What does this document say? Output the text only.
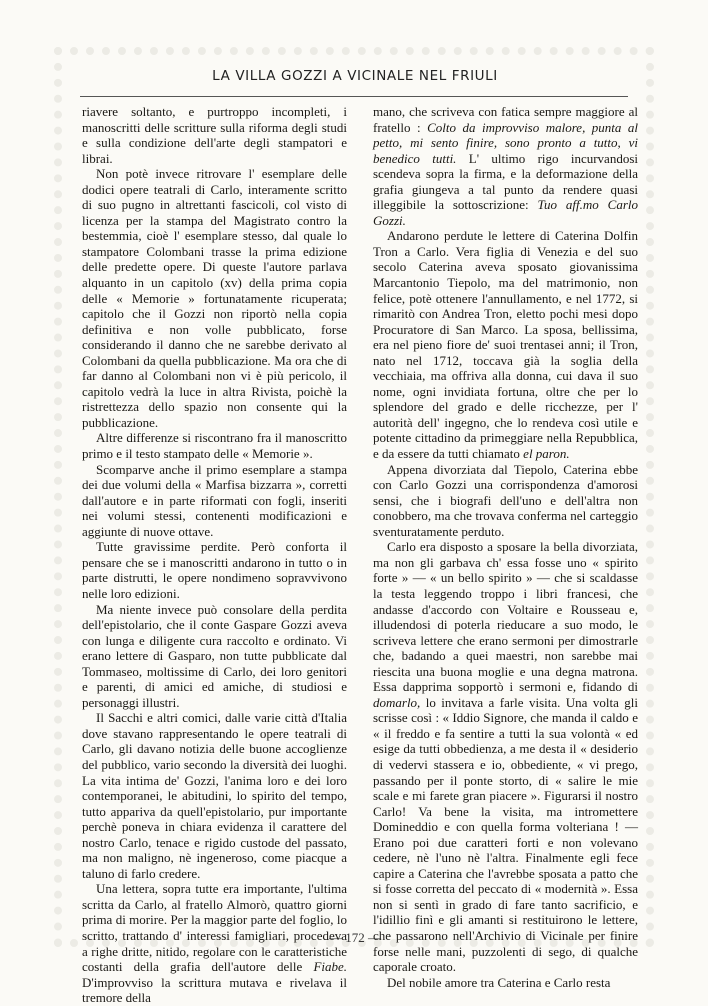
LA VILLA GOZZI A VICINALE NEL FRIULI

riavere soltanto, e purtroppo incompleti, i manoscritti delle scritture sulla riforma degli studi e sulla condizione dell'arte degli stampatori e librai.

Non potè invece ritrovare l' esemplare delle dodici opere teatrali di Carlo, interamente scritto di suo pugno in altrettanti fascicoli, col visto di licenza per la stampa del Magistrato contro la bestemmia, cioè l' esemplare stesso, dal quale lo stampatore Colombani trasse la prima edizione delle predette opere. Di queste l'autore parlava alquanto in un capitolo (xv) della prima copia delle « Memorie » fortunatamente ricuperata; capitolo che il Gozzi non riportò nella copia definitiva e non volle pubblicato, forse considerando il danno che ne sarebbe derivato al Colombani da quella pubblicazione. Ma ora che di far danno al Colombani non vi è più pericolo, il capitolo vedrà la luce in altra Rivista, poichè la ristrettezza dello spazio non consente qui la pubblicazione.

Altre differenze si riscontrano fra il manoscritto primo e il testo stampato delle « Memorie ».

Scomparve anche il primo esemplare a stampa dei due volumi della « Marfisa bizzarra », corretti dall'autore e in parte riformati con fogli, inseriti nei volumi stessi, contenenti modificazioni e aggiunte di nuove ottave.

Tutte gravissime perdite. Però conforta il pensare che se i manoscritti andarono in tutto o in parte distrutti, le opere nondimeno sopravvivono nelle loro edizioni.

Ma niente invece può consolare della perdita dell'epistolario, che il conte Gaspare Gozzi aveva con lunga e diligente cura raccolto e ordinato. Vi erano lettere di Gasparo, non tutte pubblicate dal Tommaseo, moltissime di Carlo, dei loro genitori e parenti, di amici ed amiche, di studiosi e personaggi illustri.

Il Sacchi e altri comici, dalle varie città d'Italia dove stavano rappresentando le opere teatrali di Carlo, gli davano notizia delle buone accoglienze del pubblico, vario secondo la diversità dei luoghi. La vita intima de' Gozzi, l'anima loro e dei loro contemporanei, le abitudini, lo spirito del tempo, tutto appariva da quell'epistolario, pur importante perchè poneva in chiara evidenza il carattere del nostro Carlo, tenace e rigido custode del passato, ma non maligno, nè ingeneroso, come piacque a taluno di farlo credere.

Una lettera, sopra tutte era importante, l'ultima scritta da Carlo, al fratello Almorò, quattro giorni prima di morire. Per la maggior parte del foglio, lo scritto, trattando d' interessi famigliari, procedeva a righe dritte, nitido, regolare con le caratteristiche costanti della grafia dell'autore delle Fiabe. D'improvviso la scrittura mutava e rivelava il tremore della

mano, che scriveva con fatica sempre maggiore al fratello : Colto da improvviso malore, punta al petto, mi sento finire, sono pronto a tutto, vi benedico tutti. L' ultimo rigo incurvandosi scendeva sopra la firma, e la deformazione della grafia giungeva a tal punto da rendere quasi illeggibile la sottoscrizione: Tuo aff.mo Carlo Gozzi.

Andarono perdute le lettere di Caterina Dolfin Tron a Carlo. Vera figlia di Venezia e del suo secolo Caterina aveva sposato giovanissima Marcantonio Tiepolo, ma del matrimonio, non felice, potè ottenere l'annullamento, e nel 1772, si rimaritò con Andrea Tron, eletto pochi mesi dopo Procuratore di San Marco. La sposa, bellissima, era nel pieno fiore de' suoi trentasei anni; il Tron, nato nel 1712, toccava già la soglia della vecchiaia, ma offriva alla donna, cui dava il suo nome, ogni invidiata fortuna, oltre che per lo splendore del grado e delle ricchezze, per l' autorità dell' ingegno, che lo rendeva così utile e potente cittadino da primeggiare nella Repubblica, e da essere da tutti chiamato el paron.

Appena divorziata dal Tiepolo, Caterina ebbe con Carlo Gozzi una corrispondenza d'amorosi sensi, che i biografi dell'uno e dell'altra non conobbero, ma che trovava conferma nel carteggio sventuratamente perduto.

Carlo era disposto a sposare la bella divorziata, ma non gli garbava ch' essa fosse uno « spirito forte » — « un bello spirito » — che si scaldasse la testa leggendo troppo i libri francesi, che andasse d'accordo con Voltaire e Rousseau e, illudendosi di poterla rieducare a suo modo, le scriveva lettere che erano sermoni per dimostrarle che, badando a quei maestri, non sarebbe mai riescita una buona moglie e una degna matrona. Essa dapprima sopportò i sermoni e, fidando di domarlo, lo invitava a farle visita. Una volta gli scrisse così : « Iddio Signore, che manda il caldo e « il freddo e fa sentire a tutti la sua volontà « ed esige da tutti obbedienza, a me desta il « desiderio di vedervi stassera e io, obbediente, « vi prego, passando per il ponte storto, di « salire le mie scale e mi farete gran piacere ». Figurarsi il nostro Carlo! Va bene la visita, ma intromettere Domineddio e con quella forma volteriana ! — Erano poi due caratteri forti e non volevano cedere, nè l'uno nè l'altra. Finalmente egli fece capire a Caterina che l'avrebbe sposata a patto che si fosse corretta del peccato di « modernità ». Essa non si sentì in grado di fare tanto sacrificio, e l'idillio finì e gli amanti si restituirono le lettere, che passarono nell'Archivio di Vicinale per finire forse nelle mani, puzzolenti di sego, di qualche caporale croato.

Del nobile amore tra Caterina e Carlo resta

— 172 —
